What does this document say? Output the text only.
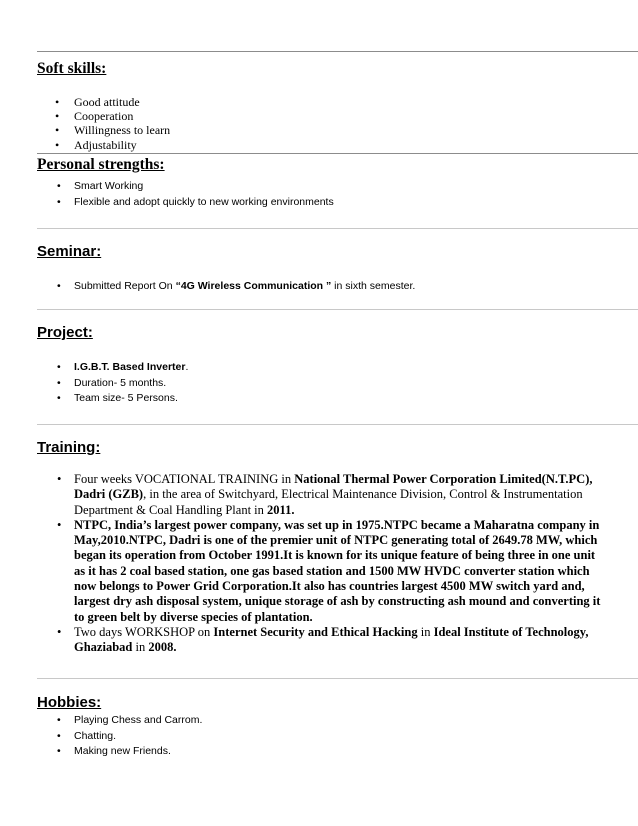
Soft skills:
• Good attitude
• Cooperation
• Willingness to learn
• Adjustability
Personal strengths:
• Smart Working
• Flexible and adopt quickly to new working environments
Seminar:
• Submitted Report On “4G Wireless Communication ” in sixth semester.
Project:
• I.G.B.T. Based Inverter.
• Duration- 5 months.
• Team size- 5 Persons.
Training:
• Four weeks VOCATIONAL TRAINING in National Thermal Power Corporation Limited(N.T.PC), Dadri (GZB), in the area of Switchyard, Electrical Maintenance Division, Control & Instrumentation Department & Coal Handling Plant in 2011.
• NTPC, India’s largest power company, was set up in 1975.NTPC became a Maharatna company in May,2010.NTPC, Dadri is one of the premier unit of NTPC generating total of 2649.78 MW, which began its operation from October 1991.It is known for its unique feature of being three in one unit as it has 2 coal based station, one gas based station and 1500 MW HVDC converter station which now belongs to Power Grid Corporation.It also has countries largest 4500 MW switch yard and, largest dry ash disposal system, unique storage of ash by constructing ash mound and converting it to green belt by diverse species of plantation.
• Two days WORKSHOP on Internet Security and Ethical Hacking in Ideal Institute of Technology, Ghaziabad in 2008.
Hobbies:
• Playing Chess and Carrom.
• Chatting.
• Making new Friends.
